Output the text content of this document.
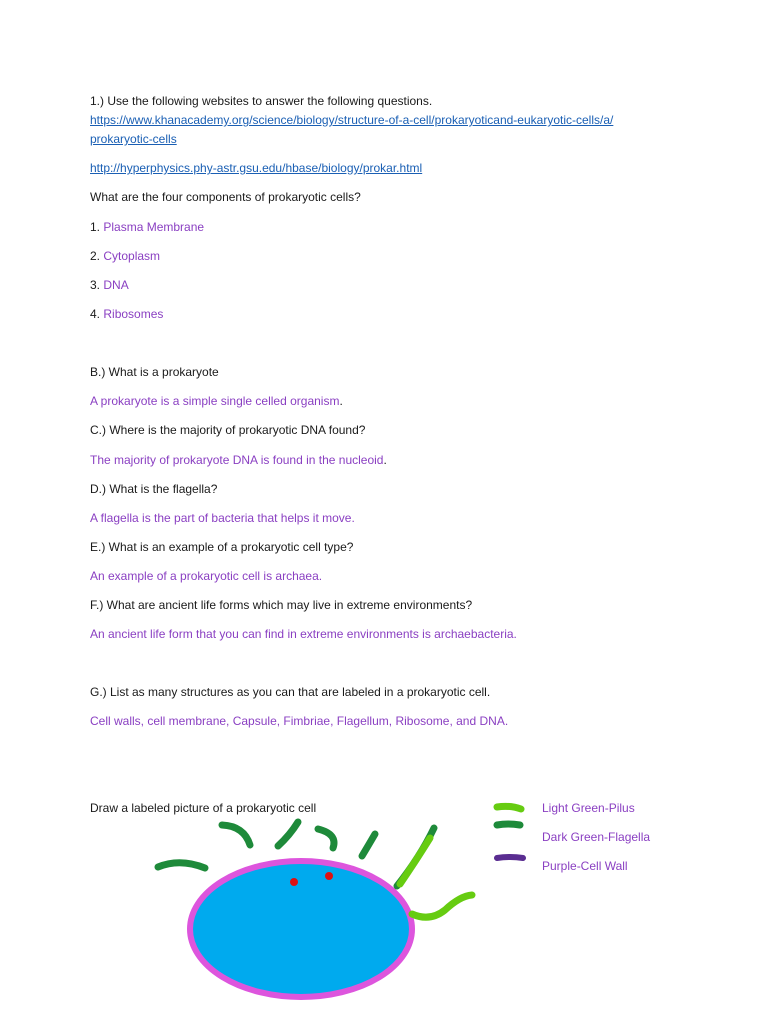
1.) Use the following websites to answer the following questions.
https://www.khanacademy.org/science/biology/structure-of-a-cell/prokaryoticand-eukaryotic-cells/a/
prokaryotic-cells
http://hyperphysics.phy-astr.gsu.edu/hbase/biology/prokar.html
What are the four components of prokaryotic cells?
1. Plasma Membrane
2. Cytoplasm
3. DNA
4. Ribosomes
B.) What is a prokaryote
A prokaryote is a simple single celled organism.
C.) Where is the majority of prokaryotic DNA found?
The majority of prokaryote DNA is found in the nucleoid.
D.) What is the flagella?
A flagella is the part of bacteria that helps it move.
E.) What is an example of a prokaryotic cell type?
An example of a prokaryotic cell is archaea.
F.) What are ancient life forms which may live in extreme environments?
An ancient life form that you can find in extreme environments is archaebacteria.
G.) List as many structures as you can that are labeled in a prokaryotic cell.
Cell walls, cell membrane, Capsule, Fimbriae, Flagellum, Ribosome, and DNA.
Draw a labeled picture of a prokaryotic cell	Light Green-Pilus
Dark Green-Flagella
Purple-Cell Wall
